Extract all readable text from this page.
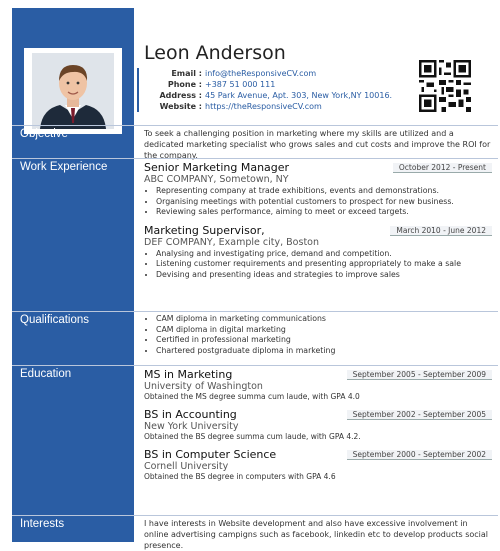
Leon Anderson
Email : info@theResponsiveCV.com
Phone : +387 51 000 111
Address : 45 Park Avenue, Apt. 303, New York,NY 10016.
Website : https://theResponsiveCV.com
Objective	To seek a challenging position in marketing where my skills are utilized and a dedicated marketing specialist who grows sales and cut costs and improve the ROI for the company.
Work Experience	Senior Marketing Manager	October 2012 - Present
ABC COMPANY, Sometown, NY
• Representing company at trade exhibitions, events and demonstrations.
• Organising meetings with potential customers to prospect for new business.
• Reviewing sales performance, aiming to meet or exceed targets.
Marketing Supervisor,	March 2010 - June 2012
DEF COMPANY, Example city, Boston
• Analysing and investigating price, demand and competition.
• Listening customer requirements and presenting appropriately to make a sale
• Devising and presenting ideas and strategies to improve sales
Qualifications
•	CAM diploma in marketing communications
• CAM diploma in digital marketing
• Certified in professional marketing
• Chartered postgraduate diploma in marketing
Education	MS in Marketing	September 2005 - September 2009
University of Washington
Obtained the MS degree summa cum laude, with GPA 4.0
BS in Accounting	September 2002 - September 2005
New York University
Obtained the BS degree summa cum laude, with GPA 4.2.
BS in Computer Science	September 2000 - September 2002
Cornell University
Obtained the BS degree in computers with GPA 4.6
Interests	I have interests in Website development and also have excessive involvement in online advertising campigns such as facebook, linkedin etc to develop products social presence.
